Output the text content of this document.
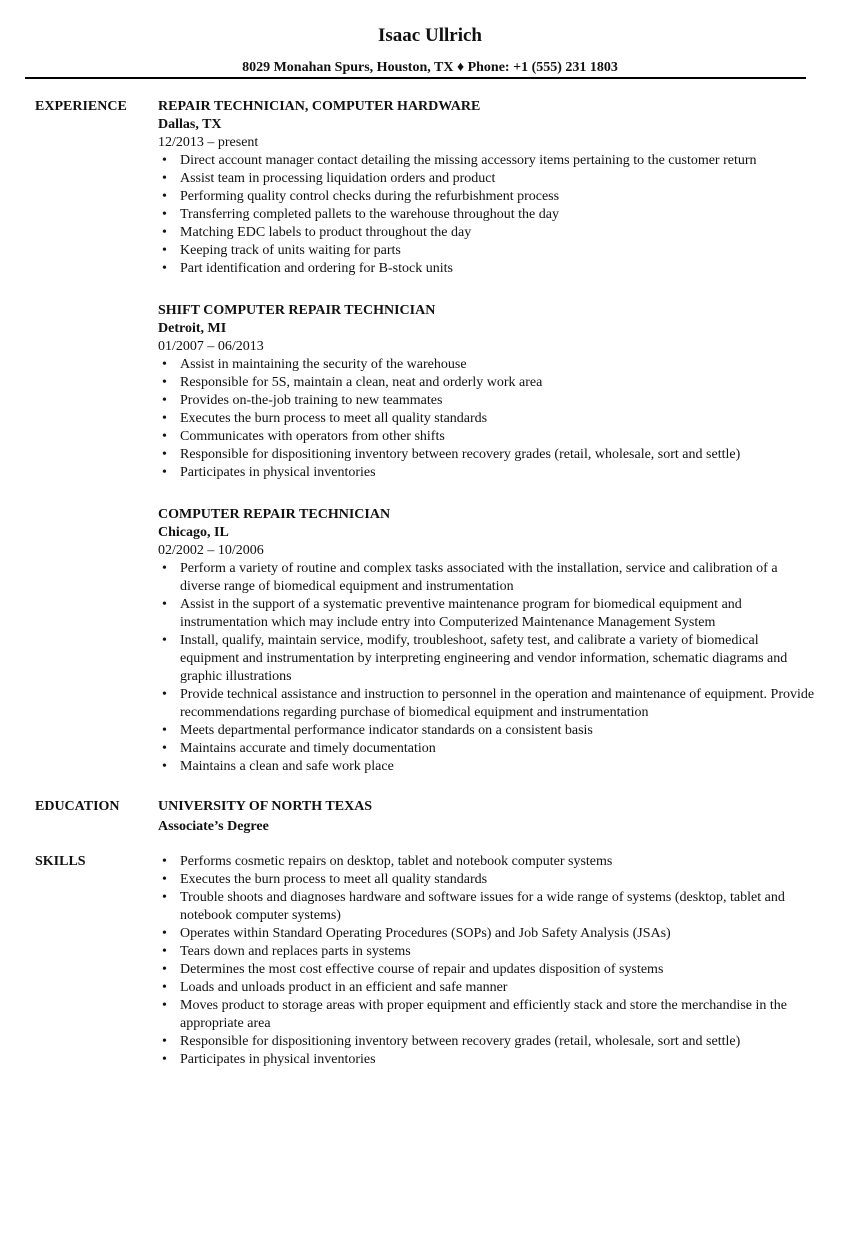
Isaac Ullrich
8029 Monahan Spurs, Houston, TX ♦ Phone: +1 (555) 231 1803
EXPERIENCE REPAIR TECHNICIAN, COMPUTER HARDWARE
Dallas, TX
12/2013 – present
• Direct account manager contact detailing the missing accessory items pertaining to the customer return
• Assist team in processing liquidation orders and product
• Performing quality control checks during the refurbishment process
• Transferring completed pallets to the warehouse throughout the day
• Matching EDC labels to product throughout the day
• Keeping track of units waiting for parts
• Part identification and ordering for B-stock units
SHIFT COMPUTER REPAIR TECHNICIAN
Detroit, MI
01/2007 – 06/2013
• Assist in maintaining the security of the warehouse
• Responsible for 5S, maintain a clean, neat and orderly work area
• Provides on-the-job training to new teammates
• Executes the burn process to meet all quality standards
• Communicates with operators from other shifts
• Responsible for dispositioning inventory between recovery grades (retail, wholesale, sort and settle)
• Participates in physical inventories
COMPUTER REPAIR TECHNICIAN
Chicago, IL
02/2002 – 10/2006
• Perform a variety of routine and complex tasks associated with the installation, service and calibration of a diverse range of biomedical equipment and instrumentation
• Assist in the support of a systematic preventive maintenance program for biomedical equipment and instrumentation which may include entry into Computerized Maintenance Management System
• Install, qualify, maintain service, modify, troubleshoot, safety test, and calibrate a variety of biomedical equipment and instrumentation by interpreting engineering and vendor information, schematic diagrams and graphic illustrations
• Provide technical assistance and instruction to personnel in the operation and maintenance of equipment. Provide recommendations regarding purchase of biomedical equipment and instrumentation
• Meets departmental performance indicator standards on a consistent basis
• Maintains accurate and timely documentation
• Maintains a clean and safe work place
EDUCATION	UNIVERSITY OF NORTH TEXAS
Associate’s Degree
SKILLS	• Performs cosmetic repairs on desktop, tablet and notebook computer systems
• Executes the burn process to meet all quality standards
• Trouble shoots and diagnoses hardware and software issues for a wide range of systems (desktop, tablet and notebook computer systems)
• Operates within Standard Operating Procedures (SOPs) and Job Safety Analysis (JSAs)
• Tears down and replaces parts in systems
• Determines the most cost effective course of repair and updates disposition of systems
• Loads and unloads product in an efficient and safe manner
• Moves product to storage areas with proper equipment and efficiently stack and store the merchandise in the appropriate area
• Responsible for dispositioning inventory between recovery grades (retail, wholesale, sort and settle)
• Participates in physical inventories
